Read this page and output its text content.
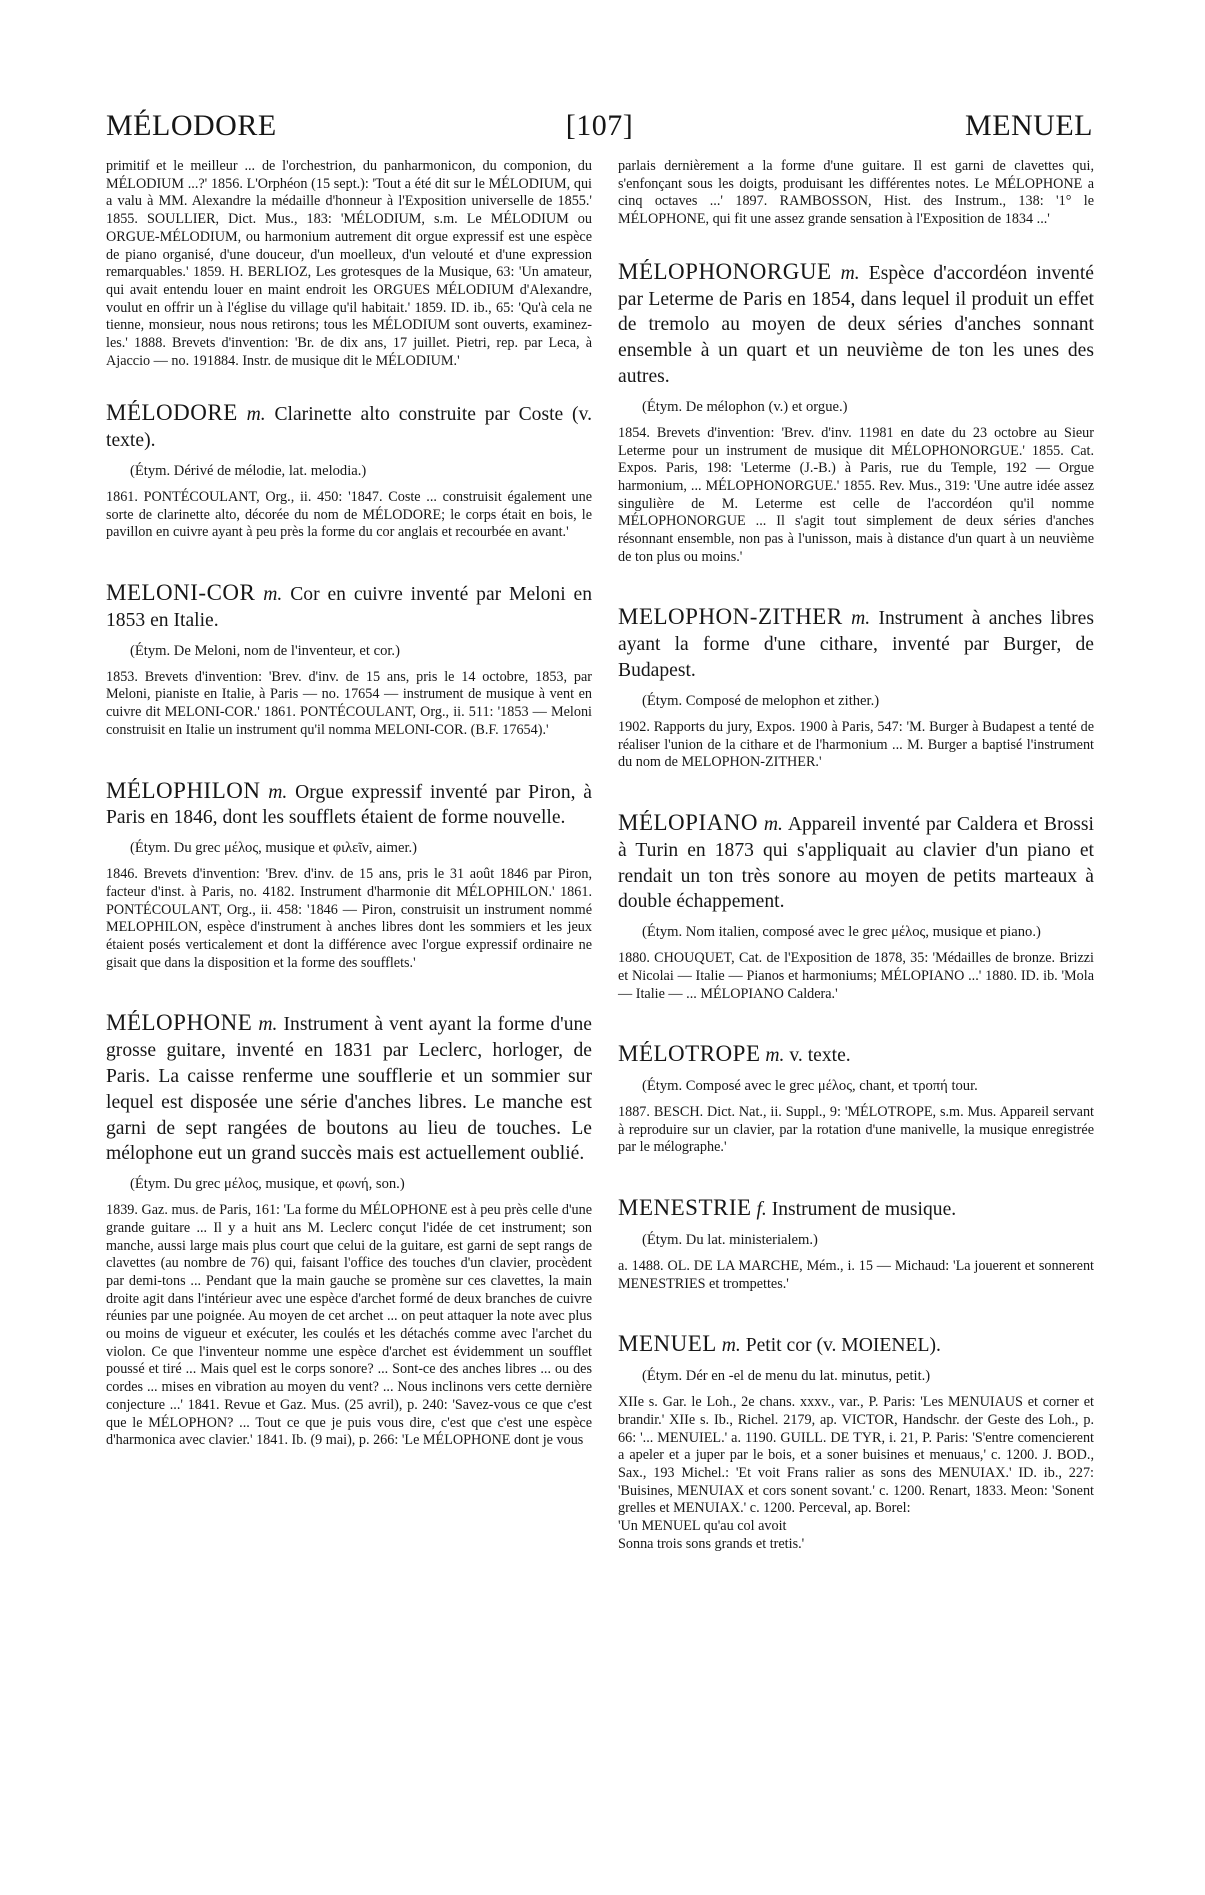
MÉLODORE	[107]	MENUEL

primitif et le meilleur ... de l'orchestrion, du panharmonicon, du componion, du MÉLODIUM ...?' 1856. L'Orphéon (15 sept.): 'Tout a été dit sur le MÉLODIUM, qui a valu à MM. Alexandre la médaille d'honneur à l'Exposition universelle de 1855.' 1855. SOULLIER, Dict. Mus., 183: 'MÉLODIUM, s.m. Le MÉLODIUM ou ORGUE-MÉLODIUM, ou harmonium autrement dit orgue expressif est une espèce de piano organisé, d'une douceur, d'un moelleux, d'un velouté et d'une expression remarquables.' 1859. H. BERLIOZ, Les grotesques de la Musique, 63: 'Un amateur, qui avait entendu louer en maint endroit les ORGUES MÉLODIUM d'Alexandre, voulut en offrir un à l'église du village qu'il habitait.' 1859. ID. ib., 65: 'Qu'à cela ne tienne, monsieur, nous nous retirons; tous les MÉLODIUM sont ouverts, examinez-les.' 1888. Brevets d'invention: 'Br. de dix ans, 17 juillet. Pietri, rep. par Leca, à Ajaccio — no. 191884. Instr. de musique dit le MÉLODIUM.'

MÉLODORE m. Clarinette alto construite par Coste (v. texte).

(Étym. Dérivé de mélodie, lat. melodia.)

1861. PONTÉCOULANT, Org., ii. 450: '1847. Coste ... construisit également une sorte de clarinette alto, décorée du nom de MÉLODORE; le corps était en bois, le pavillon en cuivre ayant à peu près la forme du cor anglais et recourbée en avant.'

MELONI-COR m. Cor en cuivre inventé par Meloni en 1853 en Italie.

(Étym. De Meloni, nom de l'inventeur, et cor.)

1853. Brevets d'invention: 'Brev. d'inv. de 15 ans, pris le 14 octobre, 1853, par Meloni, pianiste en Italie, à Paris — no. 17654 — instrument de musique à vent en cuivre dit MELONI-COR.' 1861. PONTÉCOULANT, Org., ii. 511: '1853 — Meloni construisit en Italie un instrument qu'il nomma MELONI-COR. (B.F. 17654).'

MÉLOPHILON m. Orgue expressif inventé par Piron, à Paris en 1846, dont les soufflets étaient de forme nouvelle.

(Étym. Du grec μέλος, musique et φιλεῖν, aimer.)

1846. Brevets d'invention: 'Brev. d'inv. de 15 ans, pris le 31 août 1846 par Piron, facteur d'inst. à Paris, no. 4182. Instrument d'harmonie dit MÉLOPHILON.' 1861. PONTÉCOULANT, Org., ii. 458: '1846 — Piron, construisit un instrument nommé MELOPHILON, espèce d'instrument à anches libres dont les sommiers et les jeux étaient posés verticalement et dont la différence avec l'orgue expressif ordinaire ne gisait que dans la disposition et la forme des soufflets.'

MÉLOPHONE m. Instrument à vent ayant la forme d'une grosse guitare, inventé en 1831 par Leclerc, horloger, de Paris. La caisse renferme une soufflerie et un sommier sur lequel est disposée une série d'anches libres. Le manche est garni de sept rangées de boutons au lieu de touches. Le mélophone eut un grand succès mais est actuellement oublié.

(Étym. Du grec μέλος, musique, et φωνή, son.)

1839. Gaz. mus. de Paris, 161: 'La forme du MÉLOPHONE est à peu près celle d'une grande guitare ... Il y a huit ans M. Leclerc conçut l'idée de cet instrument; son manche, aussi large mais plus court que celui de la guitare, est garni de sept rangs de clavettes (au nombre de 76) qui, faisant l'office des touches d'un clavier, procèdent par demi-tons ... Pendant que la main gauche se promène sur ces clavettes, la main droite agit dans l'intérieur avec une espèce d'archet formé de deux branches de cuivre réunies par une poignée. Au moyen de cet archet ... on peut attaquer la note avec plus ou moins de vigueur et exécuter, les coulés et les détachés comme avec l'archet du violon. Ce que l'inventeur nomme une espèce d'archet est évidemment un soufflet poussé et tiré ... Mais quel est le corps sonore? ... Sont-ce des anches libres ... ou des cordes ... mises en vibration au moyen du vent? ... Nous inclinons vers cette dernière conjecture ...' 1841. Revue et Gaz. Mus. (25 avril), p. 240: 'Savez-vous ce que c'est que le MÉLOPHON? ... Tout ce que je puis vous dire, c'est que c'est une espèce d'harmonica avec clavier.' 1841. Ib. (9 mai), p. 266: 'Le MÉLOPHONE dont je vous

parlais dernièrement a la forme d'une guitare. Il est garni de clavettes qui, s'enfonçant sous les doigts, produisant les différentes notes. Le MÉLOPHONE a cinq octaves ...' 1897. RAMBOSSON, Hist. des Instrum., 138: '1° le MÉLOPHONE, qui fit une assez grande sensation à l'Exposition de 1834 ...'

MÉLOPHONORGUE m. Espèce d'accordéon inventé par Leterme de Paris en 1854, dans lequel il produit un effet de tremolo au moyen de deux séries d'anches sonnant ensemble à un quart et un neuvième de ton les unes des autres.

(Étym. De mélophon (v.) et orgue.)

1854. Brevets d'invention: 'Brev. d'inv. 11981 en date du 23 octobre au Sieur Leterme pour un instrument de musique dit MÉLOPHONORGUE.' 1855. Cat. Expos. Paris, 198: 'Leterme (J.-B.) à Paris, rue du Temple, 192 — Orgue harmonium, ... MÉLOPHONORGUE.' 1855. Rev. Mus., 319: 'Une autre idée assez singulière de M. Leterme est celle de l'accordéon qu'il nomme MÉLOPHONORGUE ... Il s'agit tout simplement de deux séries d'anches résonnant ensemble, non pas à l'unisson, mais à distance d'un quart à un neuvième de ton plus ou moins.'

MELOPHON-ZITHER m. Instrument à anches libres ayant la forme d'une cithare, inventé par Burger, de Budapest.

(Étym. Composé de melophon et zither.)

1902. Rapports du jury, Expos. 1900 à Paris, 547: 'M. Burger à Budapest a tenté de réaliser l'union de la cithare et de l'harmonium ... M. Burger a baptisé l'instrument du nom de MELOPHON-ZITHER.'

MÉLOPIANO m. Appareil inventé par Caldera et Brossi à Turin en 1873 qui s'appliquait au clavier d'un piano et rendait un ton très sonore au moyen de petits marteaux à double échappement.

(Étym. Nom italien, composé avec le grec μέλος, musique et piano.)

1880. CHOUQUET, Cat. de l'Exposition de 1878, 35: 'Médailles de bronze. Brizzi et Nicolai — Italie — Pianos et harmoniums; MÉLOPIANO ...' 1880. ID. ib. 'Mola — Italie — ... MÉLOPIANO Caldera.'

MÉLOTROPE m. v. texte.

(Étym. Composé avec le grec μέλος, chant, et τροπή tour.

1887. BESCH. Dict. Nat., ii. Suppl., 9: 'MÉLOTROPE, s.m. Mus. Appareil servant à reproduire sur un clavier, par la rotation d'une manivelle, la musique enregistrée par le mélographe.'

MENESTRIE f. Instrument de musique.

(Étym. Du lat. ministerialem.)

a. 1488. OL. DE LA MARCHE, Mém., i. 15 — Michaud: 'La jouerent et sonnerent MENESTRIES et trompettes.'

MENUEL m. Petit cor (v. MOIENEL).

(Étym. Dér en -el de menu du lat. minutus, petit.)

XIIe s. Gar. le Loh., 2e chans. xxxv., var., P. Paris: 'Les MENUIAUS et corner et brandir.' XIIe s. Ib., Richel. 2179, ap. VICTOR, Handschr. der Geste des Loh., p. 66: '... MENUIEL.' a. 1190. GUILL. DE TYR, i. 21, P. Paris: 'S'entre comencierent a apeler et a juper par le bois, et a soner buisines et menuaus,' c. 1200. J. BOD., Sax., 193 Michel.: 'Et voit Frans ralier as sons des MENUIAX.' ID. ib., 227: 'Buisines, MENUIAX et cors sonent sovant.' c. 1200. Renart, 1833. Meon: 'Sonent grelles et MENUIAX.' c. 1200. Perceval, ap. Borel:
'Un MENUEL qu'au col avoit
Sonna trois sons grands et tretis.'
